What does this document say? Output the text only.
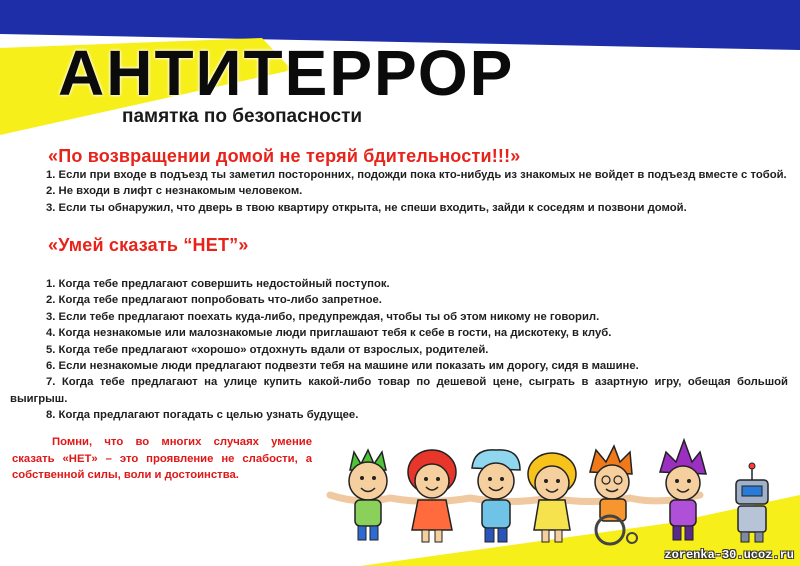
АНТИТЕРРОР

памятка по безопасности

«По возвращении домой не теряй бдительности!!!»
1. Если при входе в подъезд ты заметил посторонних, подожди пока кто-нибудь из знакомых не войдет в подъезд вместе с тобой.
2. Не входи в лифт с незнакомым человеком.
3. Если ты обнаружил, что дверь в твою квартиру открыта, не спеши входить, зайди к соседям и позвони домой.
«Умей сказать “НЕТ”»
1. Когда тебе предлагают совершить недостойный поступок.
2. Когда тебе предлагают попробовать что-либо запретное.
3. Если тебе предлагают поехать куда-либо, предупреждая, чтобы ты об этом никому не говорил.
4. Когда незнакомые или малознакомые люди приглашают тебя к себе в гости, на дискотеку, в клуб.
5. Когда тебе предлагают «хорошо» отдохнуть вдали от взрослых, родителей.
6. Если незнакомые люди предлагают подвезти тебя на машине или показать им дорогу, сидя в машине.
7. Когда тебе предлагают на улице купить какой-либо товар по дешевой цене, сыграть в азартную игру, обещая большой выигрыш.
8. Когда предлагают погадать с целью узнать будущее.

Помни, что во многих случаях умение сказать «НЕТ» – это проявление не слабости, а собственной силы, воли и достоинства.

zorenka-30.ucoz.ru
